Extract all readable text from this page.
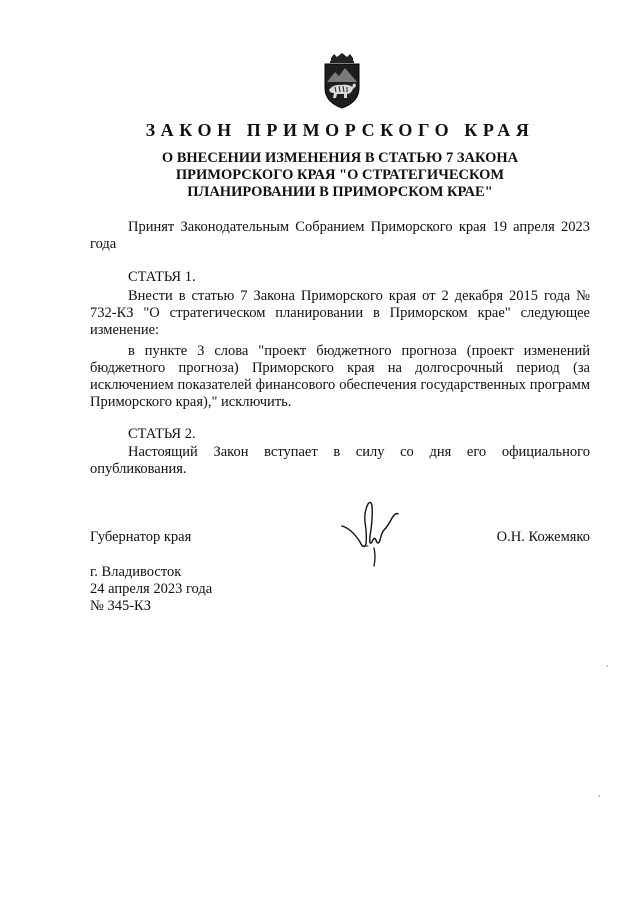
ЗАКОН ПРИМОРСКОГО КРАЯ
О ВНЕСЕНИИ ИЗМЕНЕНИЯ В СТАТЬЮ 7 ЗАКОНА
ПРИМОРСКОГО КРАЯ "О СТРАТЕГИЧЕСКОМ
ПЛАНИРОВАНИИ В ПРИМОРСКОМ КРАЕ"
Принят Законодательным Собранием Приморского края 19 апреля 2023 года
СТАТЬЯ 1.
Внести в статью 7 Закона Приморского края от 2 декабря 2015 года № 732-КЗ "О стратегическом планировании в Приморском крае" следующее изменение:
в пункте 3 слова "проект бюджетного прогноза (проект изменений бюджетного прогноза) Приморского края на долгосрочный период (за исключением показателей финансового обеспечения государственных программ Приморского края)," исключить.
СТАТЬЯ 2.
Настоящий Закон вступает в силу со дня его официального опубликования.
Губернатор края	О.Н. Кожемяко
г. Владивосток
24 апреля 2023 года
№ 345-КЗ
